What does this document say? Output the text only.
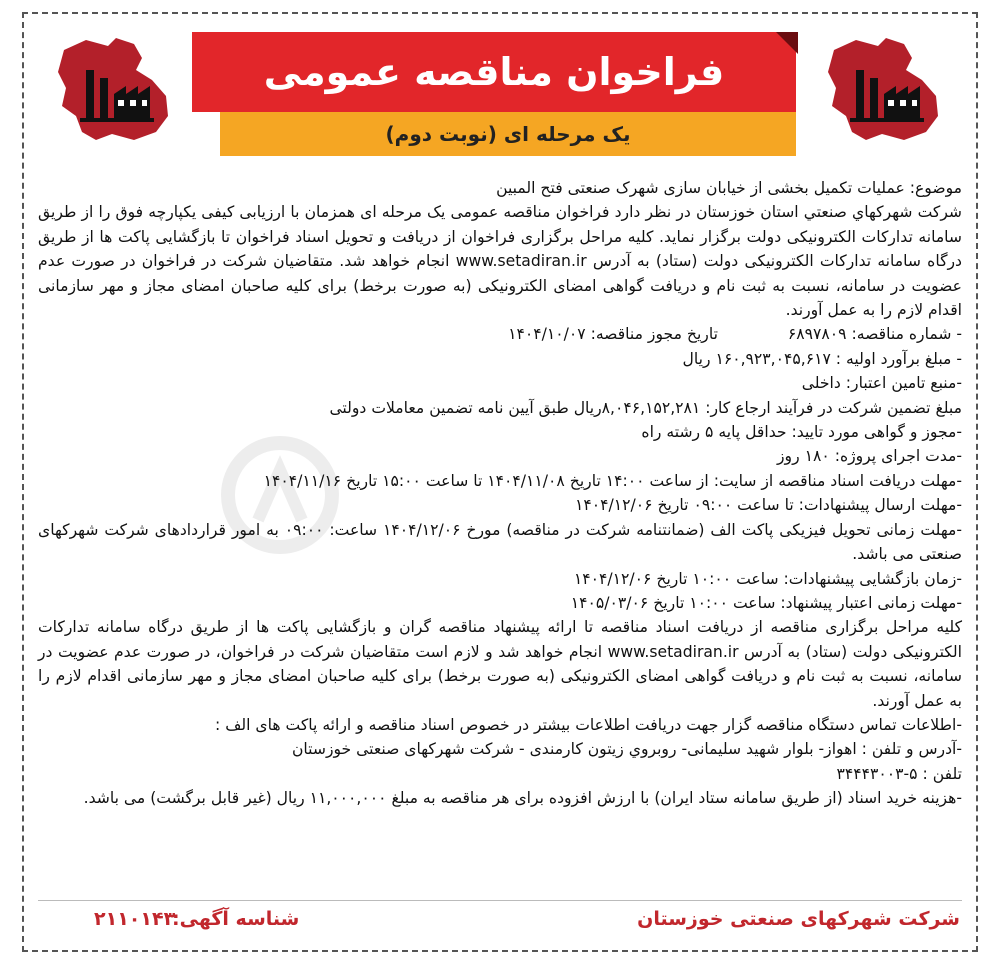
فراخوان مناقصه عمومی
یک مرحله ای (نوبت دوم)

موضوع: عملیات تکمیل بخشی از خیابان سازی شهرک صنعتی فتح المبین

شرکت شهرکهاي صنعتي استان خوزستان در نظر دارد فراخوان مناقصه عمومی یک مرحله ای همزمان با ارزیابی کیفی یکپارچه فوق را از طریق سامانه تدارکات الکترونیکی دولت برگزار نماید. کلیه مراحل برگزاری فراخوان از دریافت و تحویل اسناد فراخوان تا بازگشایی پاکت ها از طریق درگاه سامانه تدارکات الکترونیکی دولت (ستاد) به آدرس www.setadiran.ir انجام خواهد شد. متقاضیان شرکت در فراخوان در صورت عدم عضویت در سامانه، نسبت به ثبت نام و دریافت گواهی امضای الکترونیکی (به صورت برخط) برای کلیه صاحبان امضای مجاز و مهر سازمانی اقدام لازم را به عمل آورند.

- شماره مناقصه: ۶۸۹۷۸۰۹تاریخ مجوز مناقصه: ۱۴۰۴/۱۰/۰۷

- مبلغ برآورد اولیه : ۱۶۰,۹۲۳,۰۴۵,۶۱۷ ریال

-منبع تامین اعتبار: داخلی

مبلغ تضمین شرکت در فرآیند ارجاع کار: ۸,۰۴۶,۱۵۲,۲۸۱ریال طبق آیین نامه تضمین معاملات دولتی

-مجوز و گواهی مورد تایید: حداقل پایه ۵ رشته راه

-مدت اجرای پروژه: ۱۸۰ روز

-مهلت دریافت اسناد مناقصه از سایت: از ساعت ۱۴:۰۰ تاریخ ۱۴۰۴/۱۱/۰۸ تا ساعت ۱۵:۰۰ تاریخ ۱۴۰۴/۱۱/۱۶

-مهلت ارسال پیشنهادات: تا ساعت ۰۹:۰۰ تاریخ ۱۴۰۴/۱۲/۰۶

-مهلت زمانی تحویل فیزیکی پاکت الف (ضمانتنامه شرکت در مناقصه) مورخ ۱۴۰۴/۱۲/۰۶ ساعت: ۰۹:۰۰ به امور قراردادهای شرکت شهرکهای صنعتی می باشد.

-زمان بازگشایی پیشنهادات: ساعت ۱۰:۰۰ تاریخ ۱۴۰۴/۱۲/۰۶

-مهلت زمانی اعتبار پیشنهاد: ساعت ۱۰:۰۰ تاریخ ۱۴۰۵/۰۳/۰۶

کلیه مراحل برگزاری مناقصه از دریافت اسناد مناقصه تا ارائه پیشنهاد مناقصه گران و بازگشایی پاکت ها از طریق درگاه سامانه تدارکات الکترونیکی دولت (ستاد) به آدرس www.setadiran.ir انجام خواهد شد و لازم است متقاضیان شرکت در فراخوان، در صورت عدم عضویت در سامانه، نسبت به ثبت نام و دریافت گواهی امضای الکترونیکی (به صورت برخط) برای کلیه صاحبان امضای مجاز و مهر سازمانی اقدام لازم را به عمل آورند.

-اطلاعات تماس دستگاه مناقصه گزار جهت دریافت اطلاعات بیشتر در خصوص اسناد مناقصه و ارائه پاکت های الف :

-آدرس و تلفن : اهواز- بلوار شهید سلیمانی- روبروي زیتون کارمندی - شرکت شهرکهای صنعتی خوزستان

تلفن : ۵-۳۴۴۴۳۰۰۳

-هزینه خرید اسناد (از طریق سامانه ستاد ایران) با ارزش افزوده برای هر مناقصه به مبلغ ۱۱,۰۰۰,۰۰۰ ریال (غیر قابل برگشت) می باشد.

شرکت شهرکهای صنعتی خوزستان
شناسه آگهی:
۲۱۱۰۱۴۳
